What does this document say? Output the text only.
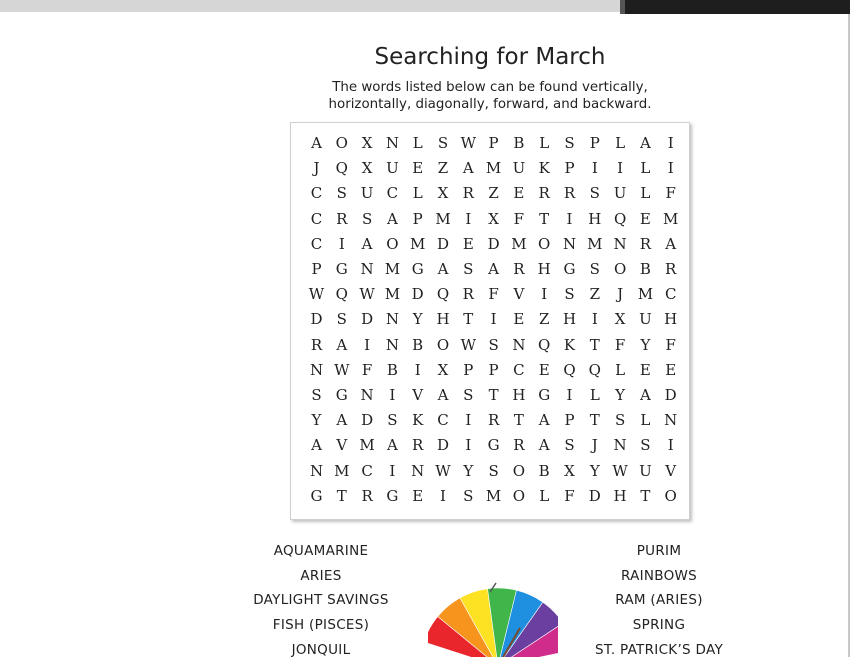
Searching for March
The words listed below can be found vertically,
horizontally, diagonally, forward, and backward.
A O X N L	S W P B L	S	P	L A	I
J	Q X U E Z A M U K P	I	I	L	I
C S U C L X R Z E R R S U L	F
C R S A P M I	X F	T	I	H Q E M
C	I	A O M D E D M O N M N R A
P G N M G A S A R H G S O B R
W Q W M D Q R F V	I	S Z	J M C
D S D N Y H T	I	E Z H	I	X U H
R A	I	N B O W S N Q K T	F	Y	F
N W F B	I	X P	P C E Q Q L E E
S G N	I	V A S	T H G	I	L	Y A D
Y A D S K C	I	R T A P	T	S	L N
A V M A R D	I	G R A S	J	N S	I
N M C	I	N W Y	S O B X	Y W U V
G T R G E	I	S M O L	F D H T O
AQUAMARINE
ARIES
DAYLIGHT SAVINGS
FISH (PISCES)
JONQUIL
PURIM
RAINBOWS
RAM (ARIES)
SPRING
ST. PATRICK’S DAY
